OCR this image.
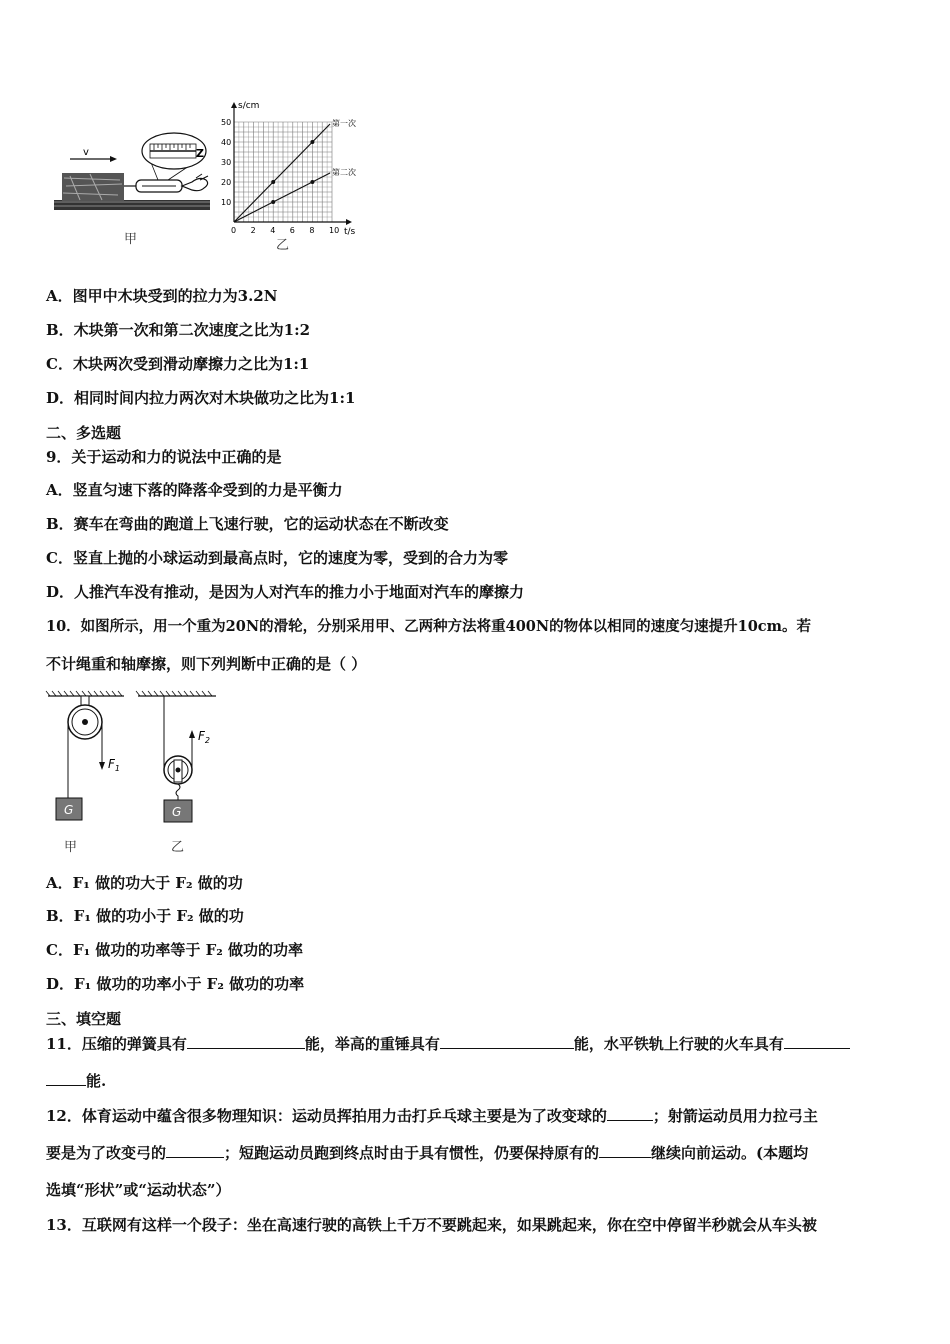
v	Z
甲
s/cm
t/s
0 2 4 6 8 10
10
20
30
40
50	第一次
第二次
乙
A．图甲中木块受到的拉力为3.2N
B．木块第一次和第二次速度之比为1:2
C．木块两次受到滑动摩擦力之比为1:1
D．相同时间内拉力两次对木块做功之比为1:1
二、多选题
9．关于运动和力的说法中正确的是
A．竖直匀速下落的降落伞受到的力是平衡力
B．赛车在弯曲的跑道上飞速行驶，它的运动状态在不断改变
C．竖直上抛的小球运动到最高点时，它的速度为零，受到的合力为零
D．人推汽车没有推动，是因为人对汽车的推力小于地面对汽车的摩擦力
10．如图所示，用一个重为20N的滑轮，分别采用甲、乙两种方法将重400N的物体以相同的速度匀速提升10cm。若
不计绳重和轴摩擦，则下列判断中正确的是（ ）
$F_1$
G
$F_2$
G
甲	乙
A．F₁ 做的功大于 F₂ 做的功
B．F₁ 做的功小于 F₂ 做的功
C．F₁ 做功的功率等于 F₂ 做功的功率
D．F₁ 做功的功率小于 F₂ 做功的功率
三、填空题
11．压缩的弹簧具有	能，举高的重锤具有	能，水平铁轨上行驶的火车具有
能.
12．体育运动中蕴含很多物理知识：运动员挥拍用力击打乒乓球主要是为了改变球的	；射箭运动员用力拉弓主
要是为了改变弓的	；短跑运动员跑到终点时由于具有惯性，仍要保持原有的	继续向前运动。(本题均
选填“形状”或“运动状态”）
13．互联网有这样一个段子：坐在高速行驶的高铁上千万不要跳起来，如果跳起来，你在空中停留半秒就会从车头被
